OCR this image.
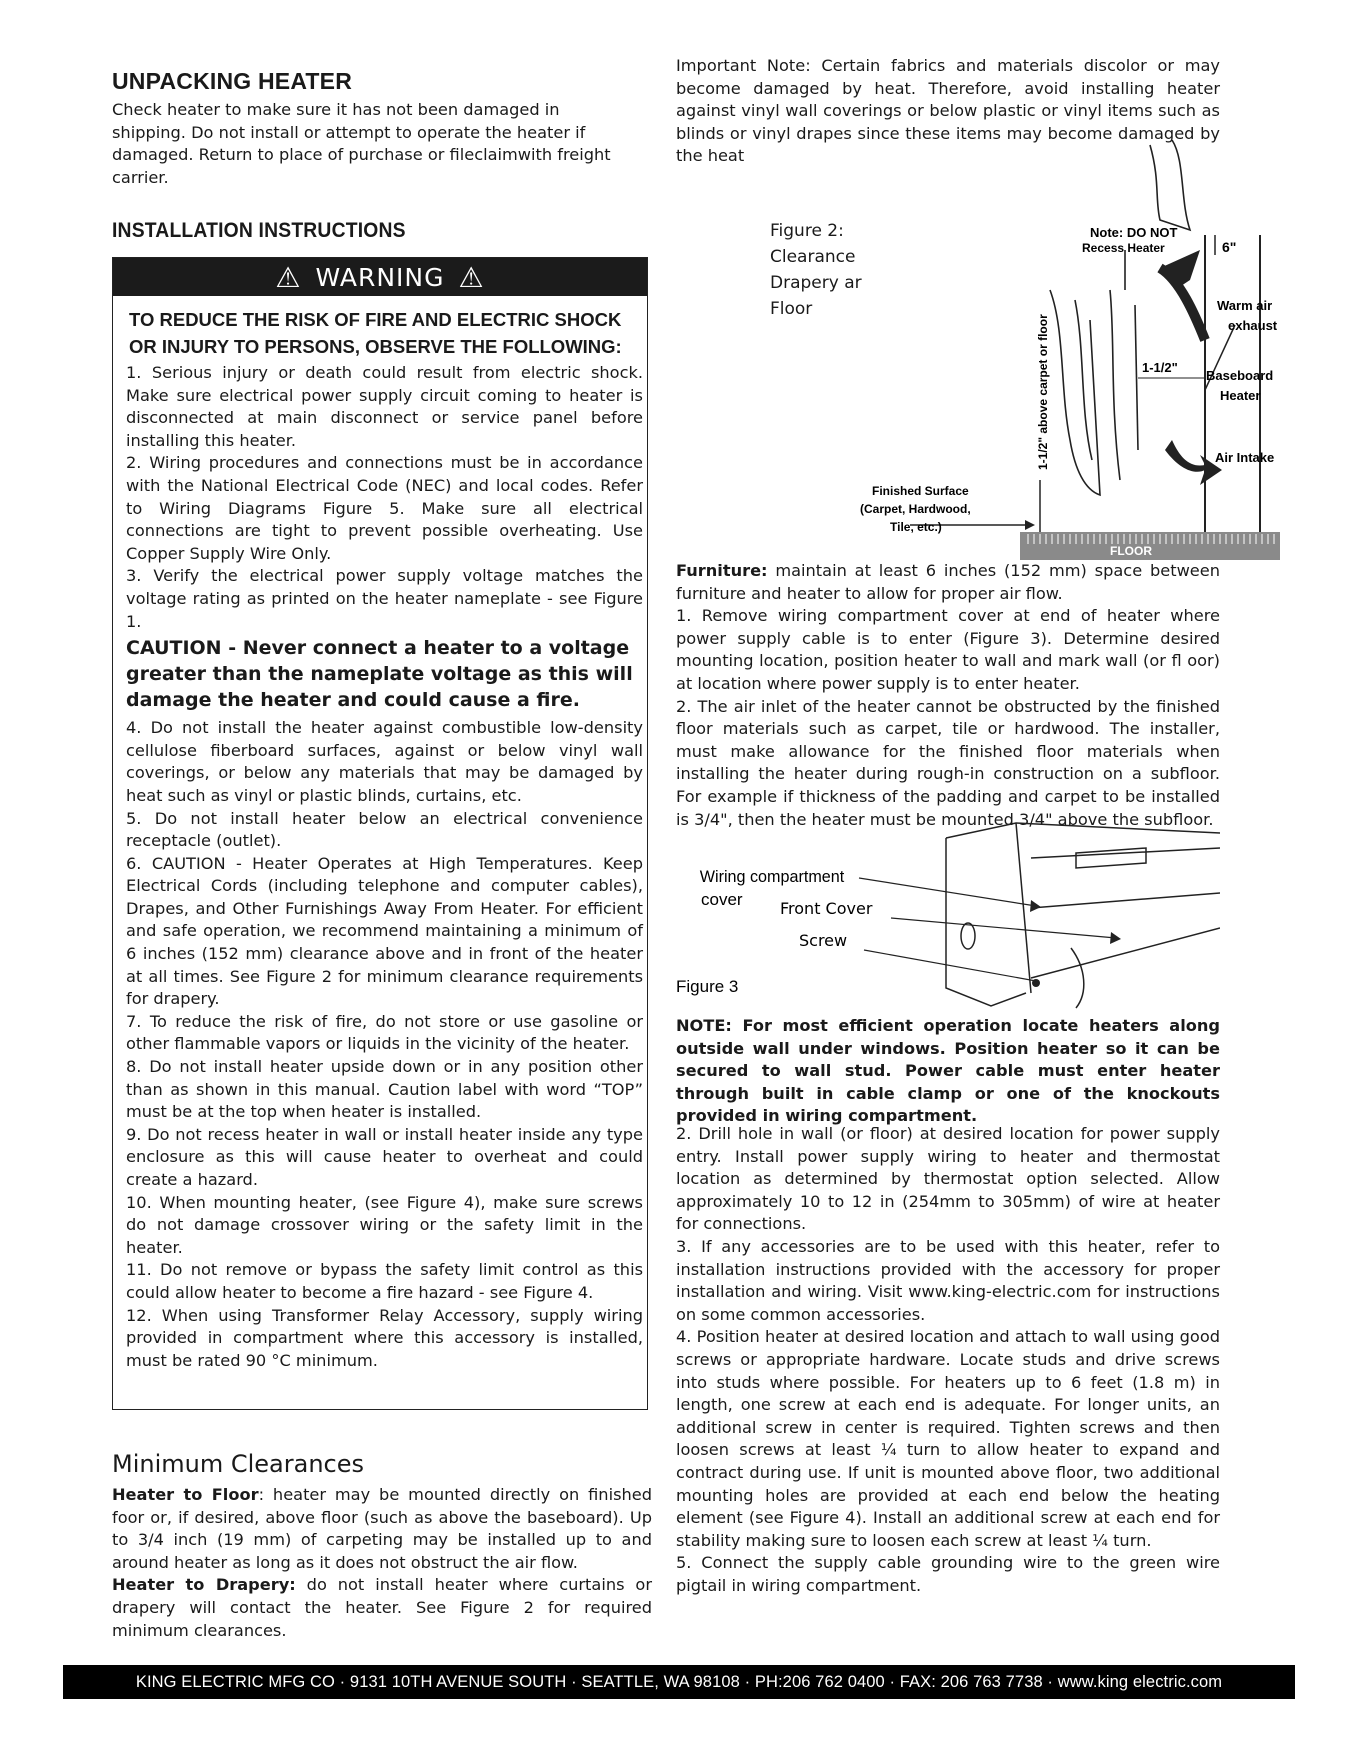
UNPACKING HEATER

Check heater to make sure it has not been damaged in shipping. Do not install or attempt to operate the heater if damaged. Return to place of purchase or fileclaimwith freight carrier.

INSTALLATION INSTRUCTIONS
⚠ WARNING ⚠
TO REDUCE THE RISK OF FIRE AND ELECTRIC SHOCK
OR INJURY TO PERSONS, OBSERVE THE FOLLOWING:

1. Serious injury or death could result from electric shock. Make sure electrical power supply circuit coming to heater is disconnected at main disconnect or service panel before installing this heater.

2. Wiring procedures and connections must be in accordance with the National Electrical Code (NEC) and local codes. Refer to Wiring Diagrams Figure 5. Make sure all electrical connections are tight to prevent possible overheating. Use Copper Supply Wire Only.

3. Verify the electrical power supply voltage matches the voltage rating as printed on the heater nameplate - see Figure 1.

CAUTION - Never connect a heater to a voltage greater than the nameplate voltage as this will damage the heater and could cause a fire.

4. Do not install the heater against combustible low-density cellulose fiberboard surfaces, against or below vinyl wall coverings, or below any materials that may be damaged by heat such as vinyl or plastic blinds, curtains, etc.

5. Do not install heater below an electrical convenience receptacle (outlet).

6. CAUTION - Heater Operates at High Temperatures. Keep Electrical Cords (including telephone and computer cables), Drapes, and Other Furnishings Away From Heater. For efficient and safe operation, we recommend maintaining a minimum of 6 inches (152 mm) clearance above and in front of the heater at all times. See Figure 2 for minimum clearance requirements for drapery.

7. To reduce the risk of fire, do not store or use gasoline or other flammable vapors or liquids in the vicinity of the heater.

8. Do not install heater upside down or in any position other than as shown in this manual. Caution label with word “TOP” must be at the top when heater is installed.

9. Do not recess heater in wall or install heater inside any type enclosure as this will cause heater to overheat and could create a hazard.

10. When mounting heater, (see Figure 4), make sure screws do not damage crossover wiring or the safety limit in the heater.

11. Do not remove or bypass the safety limit control as this could allow heater to become a fire hazard - see Figure 4.

12. When using Transformer Relay Accessory, supply wiring provided in compartment where this accessory is installed, must be rated 90 °C minimum.

Minimum Clearances

Heater to Floor: heater may be mounted directly on finished foor or, if desired, above floor (such as above the baseboard). Up to 3/4 inch (19 mm) of carpeting may be installed up to and around heater as long as it does not obstruct the air flow.

Heater to Drapery: do not install heater where curtains or drapery will contact the heater. See Figure 2 for required minimum clearances.

Important Note: Certain fabrics and materials discolor or may become damaged by heat. Therefore, avoid installing heater against vinyl wall coverings or below plastic or vinyl items such as blinds or vinyl drapes since these items may become damaged by the heat

Figure 2:
Clearance
Drapery ar
Floor
Note: DO NOT
Recess Heater	6"
Warm air
exhaust
1-1/2"
Baseboard
Heater
Air Intake
1-1/2" above carpet or floor
Finished Surface
(Carpet, Hardwood,
Tile, etc.)
FLOOR

Furniture: maintain at least 6 inches (152 mm) space between furniture and heater to allow for proper air flow.

1. Remove wiring compartment cover at end of heater where power supply cable is to enter (Figure 3). Determine desired mounting location, position heater to wall and mark wall (or fl oor) at location where power supply is to enter heater.

2. The air inlet of the heater cannot be obstructed by the finished floor materials such as carpet, tile or hardwood. The installer, must make allowance for the finished floor materials when installing the heater during rough-in construction on a subfloor. For example if thickness of the padding and carpet to be installed is 3/4", then the heater must be mounted 3/4" above the subfloor.

Wiring compartment
cover Front Cover
Screw
Figure 3

NOTE: For most efficient operation locate heaters along outside wall under windows. Position heater so it can be secured to wall stud. Power cable must enter heater through built in cable clamp or one of the knockouts provided in wiring compartment.

2. Drill hole in wall (or floor) at desired location for power supply entry. Install power supply wiring to heater and thermostat location as determined by thermostat option selected. Allow approximately 10 to 12 in (254mm to 305mm) of wire at heater for connections.

3. If any accessories are to be used with this heater, refer to installation instructions provided with the accessory for proper installation and wiring. Visit www.king-electric.com for instructions on some common accessories.

4. Position heater at desired location and attach to wall using good screws or appropriate hardware. Locate studs and drive screws into studs where possible. For heaters up to 6 feet (1.8 m) in length, one screw at each end is adequate. For longer units, an additional screw in center is required. Tighten screws and then loosen screws at least ¼ turn to allow heater to expand and contract during use. If unit is mounted above floor, two additional mounting holes are provided at each end below the heating element (see Figure 4). Install an additional screw at each end for stability making sure to loosen each screw at least ¼ turn.

5. Connect the supply cable grounding wire to the green wire pigtail in wiring compartment.

KING ELECTRIC MFG CO · 9131 10TH AVENUE SOUTH · SEATTLE, WA 98108 · PH:206 762 0400 · FAX: 206 763 7738 · www.king electric.com
